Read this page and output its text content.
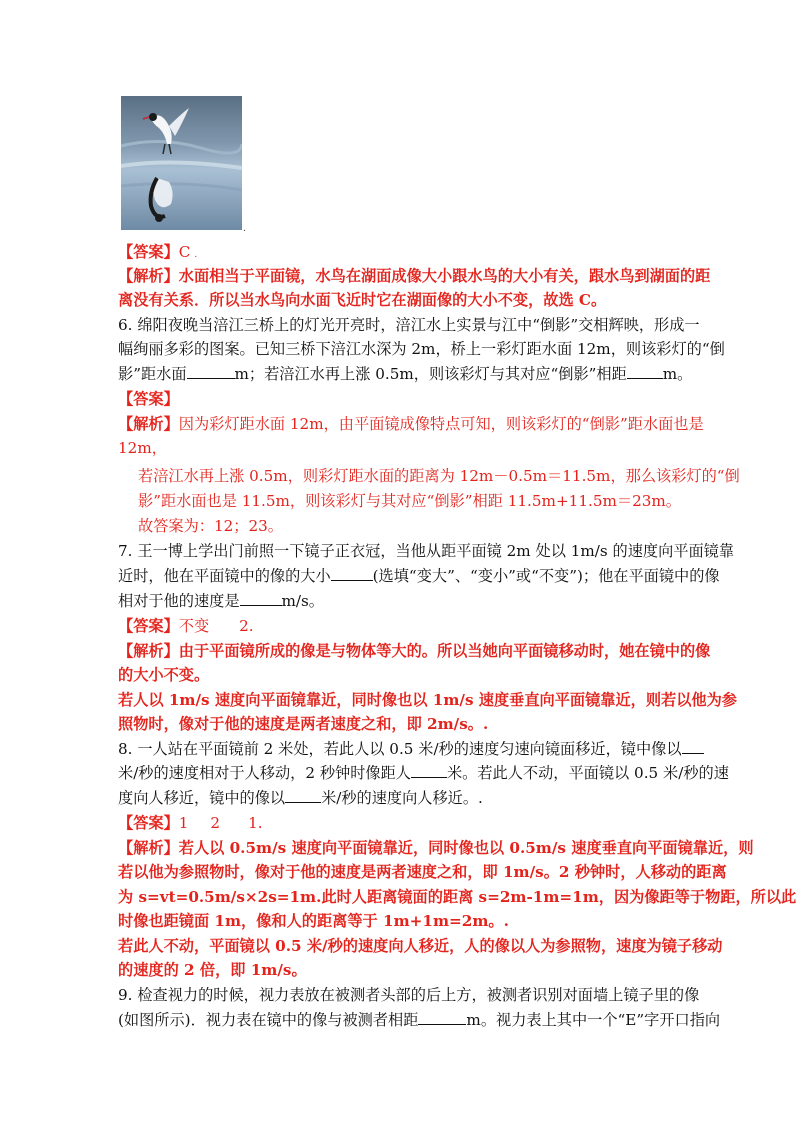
.
【答案】C .
【解析】水面相当于平面镜，水鸟在湖面成像大小跟水鸟的大小有关，跟水鸟到湖面的距
离没有关系．所以当水鸟向水面飞近时它在湖面像的大小不变，故选 C。
6. 绵阳夜晚当涪江三桥上的灯光开亮时，涪江水上实景与江中“倒影”交相辉映，形成一
幅绚丽多彩的图案。已知三桥下涪江水深为 2m，桥上一彩灯距水面 12m，则该彩灯的“倒
影”距水面	m；若涪江水再上涨 0.5m，则该彩灯与其对应“倒影”相距 m。
【答案】
【解析】因为彩灯距水面 12m，由平面镜成像特点可知，则该彩灯的“倒影”距水面也是
12m，
若涪江水再上涨 0.5m，则彩灯距水面的距离为 12m－0.5m＝11.5m，那么该彩灯的“倒
影”距水面也是 11.5m，则该彩灯与其对应“倒影”相距 11.5m+11.5m＝23m。
故答案为：12；23。
7. 王一博上学出门前照一下镜子正衣冠，当他从距平面镜 2m 处以 1m/s 的速度向平面镜靠
近时，他在平面镜中的像的大小	(选填“变大”、“变小”或“不变”)；他在平面镜中的像
相对于他的速度是	m/s。
【答案】不变 2.
【解析】由于平面镜所成的像是与物体等大的。所以当她向平面镜移动时，她在镜中的像
的大小不变。
若人以 1m/s 速度向平面镜靠近，同时像也以 1m/s 速度垂直向平面镜靠近，则若以他为参
照物时，像对于他的速度是两者速度之和，即 2m/s。.
8. 一人站在平面镜前 2 米处，若此人以 0.5 米/秒的速度匀速向镜面移近，镜中像以
米/秒的速度相对于人移动，2 秒钟时像距人 米。若此人不动，平面镜以 0.5 米/秒的速
度向人移近，镜中的像以 米/秒的速度向人移近。.
【答案】1 2 1.
【解析】若人以 0.5m/s 速度向平面镜靠近，同时像也以 0.5m/s 速度垂直向平面镜靠近，则
若以他为参照物时，像对于他的速度是两者速度之和，即 1m/s。2 秒钟时，人移动的距离
为 s=vt=0.5m/s×2s=1m.此时人距离镜面的距离 s=2m-1m=1m，因为像距等于物距，所以此
时像也距镜面 1m，像和人的距离等于 1m+1m=2m。.
若此人不动，平面镜以 0.5 米/秒的速度向人移近，人的像以人为参照物，速度为镜子移动
的速度的 2 倍，即 1m/s。
9. 检查视力的时候，视力表放在被测者头部的后上方，被测者识别对面墙上镜子里的像
(如图所示)．视力表在镜中的像与被测者相距	m。视力表上其中一个“E”字开口指向
